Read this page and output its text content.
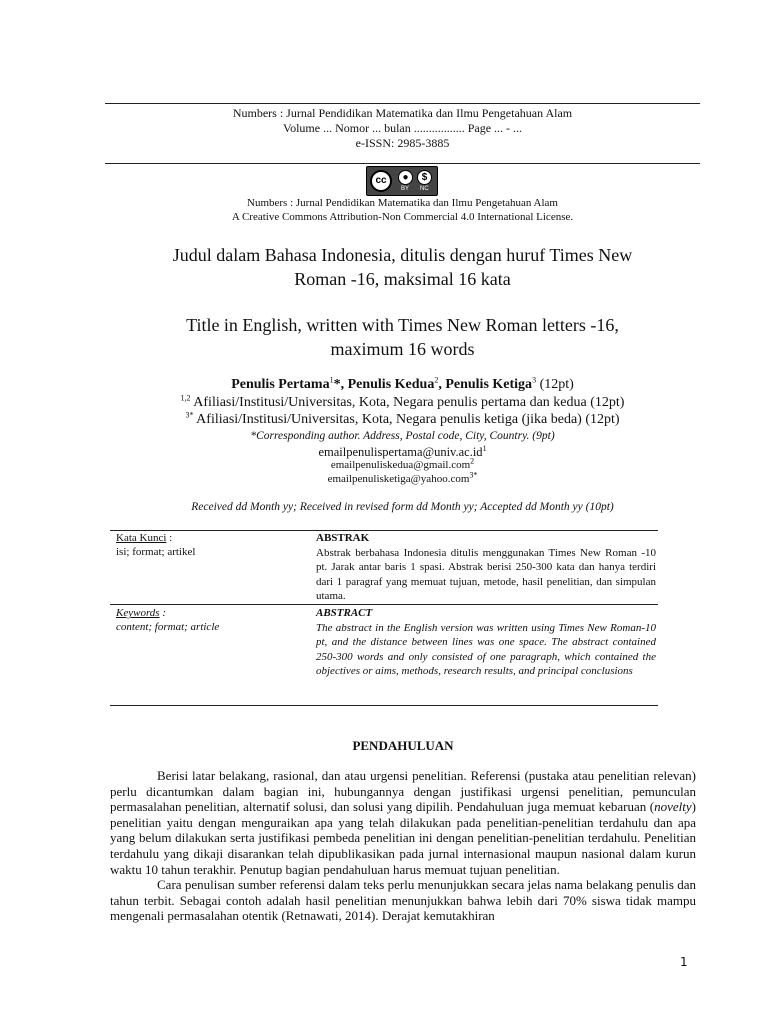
Numbers : Jurnal Pendidikan Matematika dan Ilmu Pengetahuan Alam
Volume ... Nomor ... bulan ................. Page ... - ...
e-ISSN: 2985-3885
cc	●	$
BY NC
Numbers : Jurnal Pendidikan Matematika dan Ilmu Pengetahuan Alam
A Creative Commons Attribution-Non Commercial 4.0 International License.
Judul dalam Bahasa Indonesia, ditulis dengan huruf Times New
Roman -16, maksimal 16 kata
Title in English, written with Times New Roman letters -16,
maximum 16 words
Penulis Pertama$^1$*, Penulis Kedua$^2$, Penulis Ketiga$^3$ (12pt)
$^{1,2}$ Afiliasi/Institusi/Universitas, Kota, Negara penulis pertama dan kedua (12pt)
$^{3*}$ Afiliasi/Institusi/Universitas, Kota, Negara penulis ketiga (jika beda) (12pt)
*Corresponding author. Address, Postal code, City, Country. (9pt)
$emailpenulispertama@univ.ac.id^1$
emailpenuliskedua@gmail.com$^2$
emailpenulisketiga@yahoo.com$^{3*}$
Received dd Month yy; Received in revised form dd Month yy; Accepted dd Month yy (10pt)
Kata Kunci :
isi; format; artikel

ABSTRAK

Abstrak berbahasa Indonesia ditulis menggunakan Times New Roman -10 pt. Jarak antar baris 1 spasi. Abstrak berisi 250-300 kata dan hanya terdiri dari 1 paragraf yang memuat tujuan, metode, hasil penelitian, dan simpulan utama.

Keywords :
content; format; article

ABSTRACT

The abstract in the English version was written using Times New Roman-10 pt, and the distance between lines was one space. The abstract contained 250-300 words and only consisted of one paragraph, which contained the objectives or aims, methods, research results, and principal conclusions

PENDAHULUAN

Berisi latar belakang, rasional, dan atau urgensi penelitian. Referensi (pustaka atau penelitian relevan) perlu dicantumkan dalam bagian ini, hubungannya dengan justifikasi urgensi penelitian, pemunculan permasalahan penelitian, alternatif solusi, dan solusi yang dipilih. Pendahuluan juga memuat kebaruan (novelty) penelitian yaitu dengan menguraikan apa yang telah dilakukan pada penelitian-penelitian terdahulu dan apa yang belum dilakukan serta justifikasi pembeda penelitian ini dengan penelitian-penelitian terdahulu. Penelitian terdahulu yang dikaji disarankan telah dipublikasikan pada jurnal internasional maupun nasional dalam kurun waktu 10 tahun terakhir. Penutup bagian pendahuluan harus memuat tujuan penelitian.

Cara penulisan sumber referensi dalam teks perlu menunjukkan secara jelas nama belakang penulis dan tahun terbit. Sebagai contoh adalah hasil penelitian menunjukkan bahwa lebih dari 70% siswa tidak mampu mengenali permasalahan otentik (Retnawati, 2014). Derajat kemutakhiran

1
